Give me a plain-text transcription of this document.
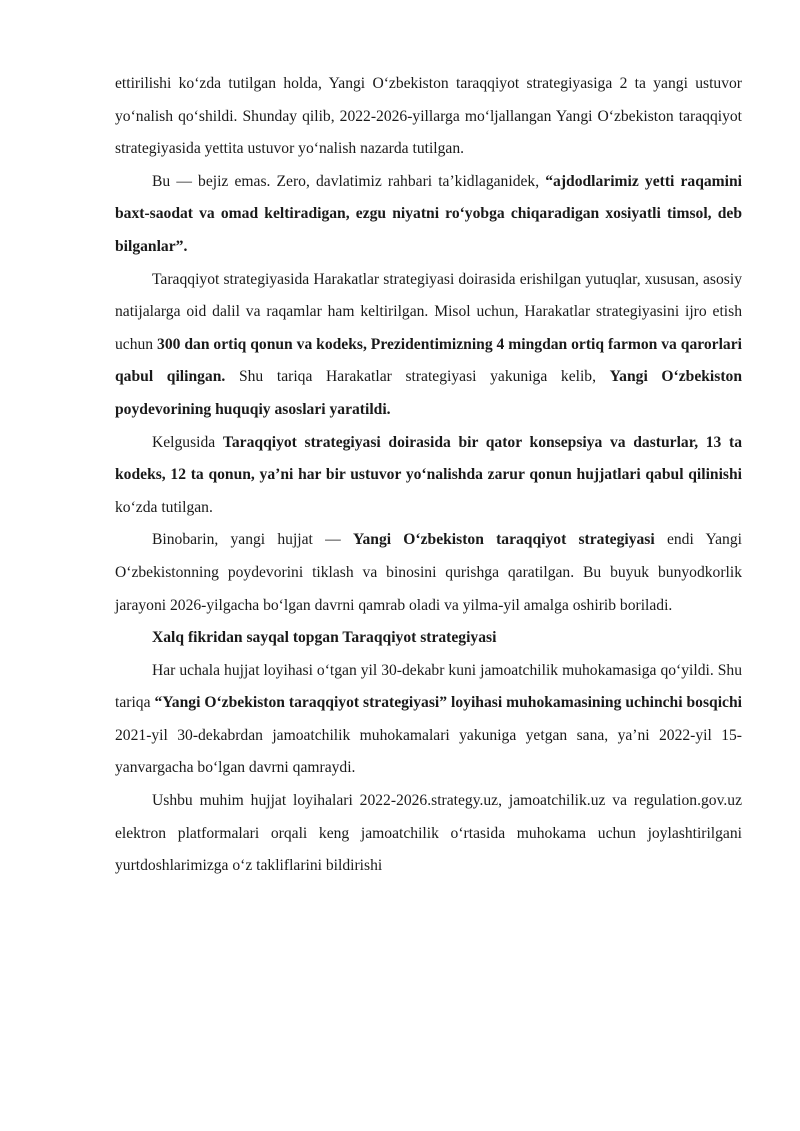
ettirilishi ko‘zda tutilgan holda, Yangi O‘zbekiston taraqqiyot strategiyasiga 2 ta yangi ustuvor yo‘nalish qo‘shildi. Shunday qilib, 2022-2026-yillarga mo‘ljallangan Yangi O‘zbekiston taraqqiyot strategiyasida yettita ustuvor yo‘nalish nazarda tutilgan.

Bu — bejiz emas. Zero, davlatimiz rahbari ta’kidlaganidek, “ajdodlarimiz yetti raqamini baxt-saodat va omad keltiradigan, ezgu niyatni ro‘yobga chiqaradigan xosiyatli timsol, deb bilganlar”.

Taraqqiyot strategiyasida Harakatlar strategiyasi doirasida erishilgan yutuqlar, xususan, asosiy natijalarga oid dalil va raqamlar ham keltirilgan. Misol uchun, Harakatlar strategiyasini ijro etish uchun 300 dan ortiq qonun va kodeks, Prezidentimizning 4 mingdan ortiq farmon va qarorlari qabul qilingan. Shu tariqa Harakatlar strategiyasi yakuniga kelib, Yangi O‘zbekiston poydevorining huquqiy asoslari yaratildi.

Kelgusida Taraqqiyot strategiyasi doirasida bir qator konsepsiya va dasturlar, 13 ta kodeks, 12 ta qonun, ya’ni har bir ustuvor yo‘nalishda zarur qonun hujjatlari qabul qilinishi ko‘zda tutilgan.

Binobarin, yangi hujjat — Yangi O‘zbekiston taraqqiyot strategiyasi endi Yangi O‘zbekistonning poydevorini tiklash va binosini qurishga qaratilgan. Bu buyuk bunyodkorlik jarayoni 2026-yilgacha bo‘lgan davrni qamrab oladi va yilma-yil amalga oshirib boriladi.

Xalq fikridan sayqal topgan Taraqqiyot strategiyasi

Har uchala hujjat loyihasi o‘tgan yil 30-dekabr kuni jamoatchilik muhokamasiga qo‘yildi. Shu tariqa “Yangi O‘zbekiston taraqqiyot strategiyasi” loyihasi muhokamasining uchinchi bosqichi 2021-yil 30-dekabrdan jamoatchilik muhokamalari yakuniga yetgan sana, ya’ni 2022-yil 15-yanvargacha bo‘lgan davrni qamraydi.

Ushbu muhim hujjat loyihalari 2022-2026.strategy.uz, jamoatchilik.uz va regulation.gov.uz elektron platformalari orqali keng jamoatchilik o‘rtasida muhokama uchun joylashtirilgani yurtdoshlarimizga o‘z takliflarini bildirishi
